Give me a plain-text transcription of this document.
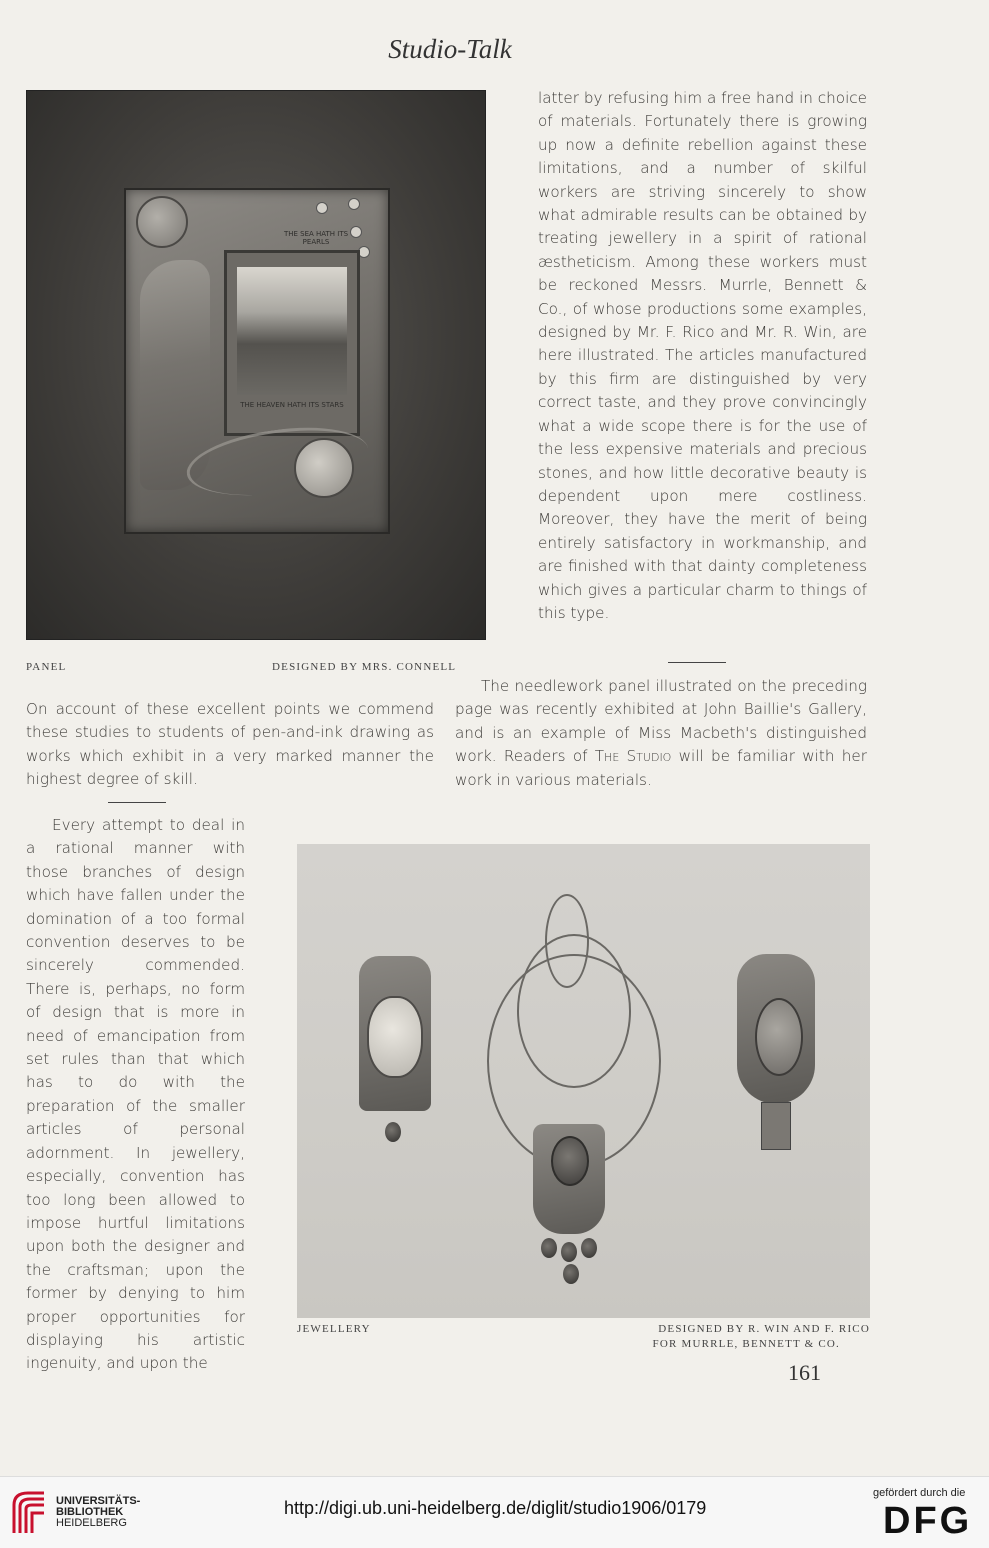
Studio-Talk
THE SEA HATH ITS PEARLS
THE HEAVEN HATH ITS STARS
PANEL	DESIGNED BY MRS. CONNELL

latter by refusing him a free hand in choice of materials. Fortunately there is growing up now a definite rebellion against these limitations, and a number of skilful workers are striving sincerely to show what admirable results can be obtained by treating jewellery in a spirit of rational æstheticism. Among these workers must be reckoned Messrs. Murrle, Bennett & Co., of whose productions some examples, designed by Mr. F. Rico and Mr. R. Win, are here illustrated. The articles manufactured by this firm are distinguished by very correct taste, and they prove convincingly what a wide scope there is for the use of the less expensive materials and precious stones, and how little decorative beauty is dependent upon mere costliness. Moreover, they have the merit of being entirely satisfactory in workmanship, and are finished with that dainty completeness which gives a particular charm to things of this type.

The needlework panel illustrated on the preceding page was recently exhibited at John Baillie's Gallery, and is an example of Miss Macbeth's distinguished work. Readers of The Studio will be familiar with her work in various materials.

On account of these excellent points we commend these studies to students of pen-and-ink drawing as works which exhibit in a very marked manner the highest degree of skill.

Every attempt to deal in a rational manner with those branches of design which have fallen under the domination of a too formal convention deserves to be sincerely commended. There is, perhaps, no form of design that is more in need of emancipation from set rules than that which has to do with the preparation of the smaller articles of personal adornment. In jewellery, especially, convention has too long been allowed to impose hurtful limitations upon both the designer and the craftsman; upon the former by denying to him proper opportunities for displaying his artistic ingenuity, and upon the

JEWELLERY	DESIGNED BY R. WIN AND F. RICO
FOR MURRLE, BENNETT & CO.
161
UNIVERSITÄTS-
BIBLIOTHEK
HEIDELBERG
http://digi.ub.uni-heidelberg.de/diglit/studio1906/0179
gefördert durch die
DFG
